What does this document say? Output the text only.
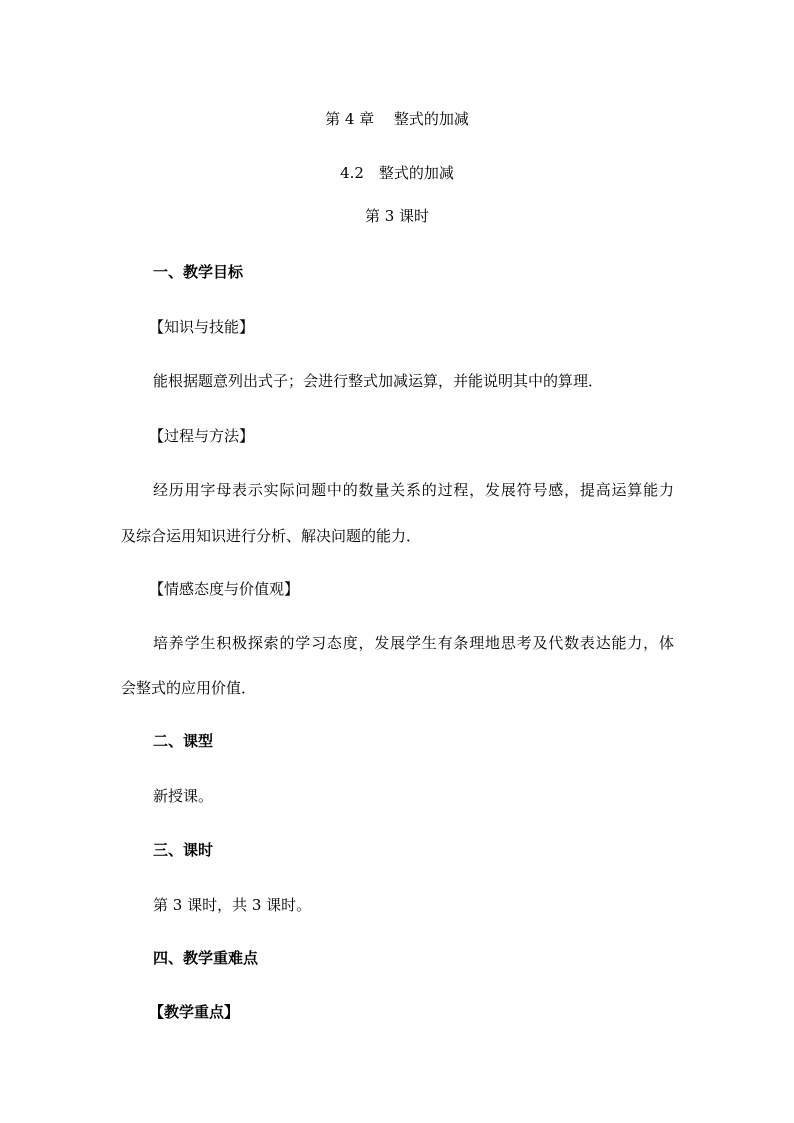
第 4 章　 整式的加减
4.2　整式的加减
第 3 课时
一、教学目标
【知识与技能】
能根据题意列出式子；会进行整式加减运算，并能说明其中的算理．
【过程与方法】
经历用字母表示实际问题中的数量关系的过程，发展符号感，提高运算能力
及综合运用知识进行分析、解决问题的能力．
【情感态度与价值观】
培养学生积极探索的学习态度，发展学生有条理地思考及代数表达能力，体
会整式的应用价值．
二、课型
新授课。
三、课时
第 3 课时，共 3 课时。
四、教学重难点
【教学重点】
